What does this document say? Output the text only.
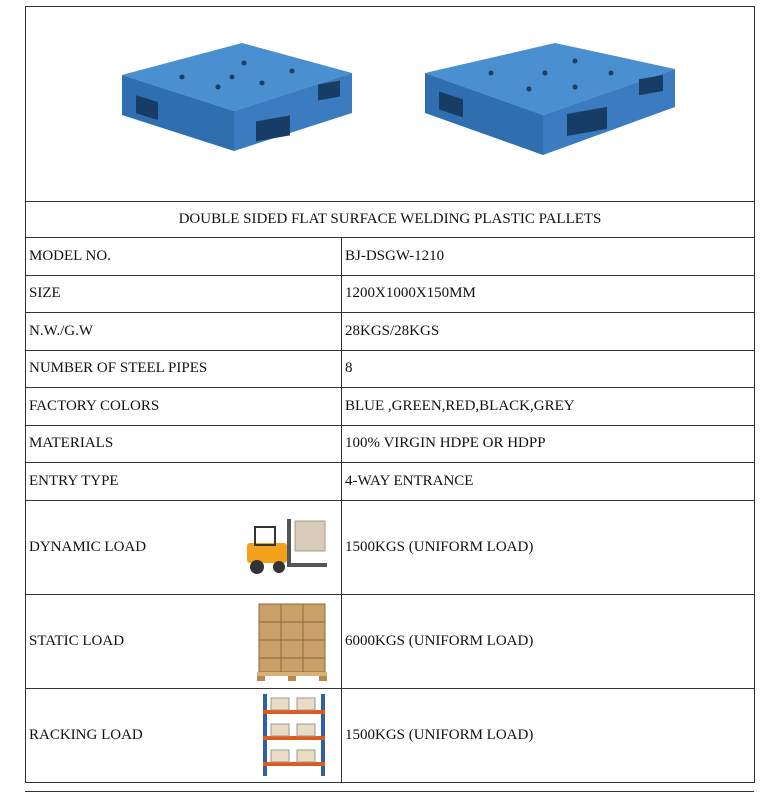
DOUBLE SIDED FLAT SURFACE WELDING PLASTIC PALLETS	
MODEL NO.	BJ-DSGW-1210
SIZE	1200X1000X150MM
N.W./G.W	28KGS/28KGS
NUMBER OF STEEL PIPES	8
FACTORY COLORS	BLUE ,GREEN,RED,BLACK,GREY
MATERIALS	100% VIRGIN HDPE OR HDPP
ENTRY TYPE	4-WAY ENTRANCE

DYNAMIC LOAD	1500KGS (UNIFORM LOAD)

STATIC LOAD	6000KGS (UNIFORM LOAD)

RACKING LOAD	1500KGS (UNIFORM LOAD)
